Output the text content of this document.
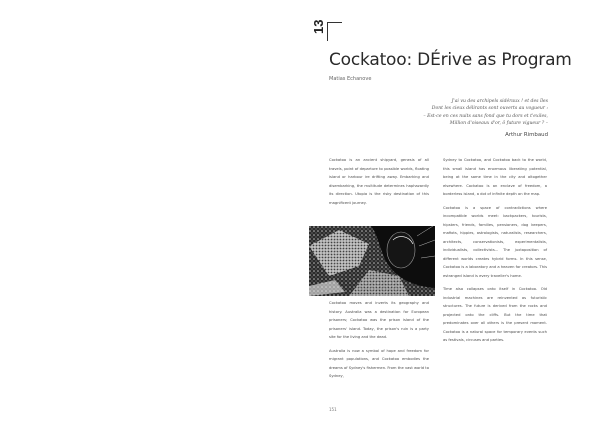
13
Cockatoo: DÉrive as Program
Matias Echanove
J'ai vu des archipels sidéraux ! et des îles
Dont les cieux délirants sont ouverts au vogueur :
– Est-ce en ces nuits sans fond que tu dors et t'exiles,
Million d'oiseaux d'or, ô future vigueur ? –
Arthur Rimbaud

Cockatoo is an ancient shipyard, genesis of all travels, point of departure to possible worlds, floating island or harbour ire drifting away. Embarking and disembarking, the multitude determines haphazardly its direction. Utopia is the risky destination of this magnificent journey.

Sydney to Cockatoo, and Cockatoo back to the world, this small island has enormous liberating potential, being at the same time in the city and altogether elsewhere. Cockatoo is an enclave of freedom, a borderless island, a dot of infinite depth on the map.

Cockatoo is a space of contradictions where incompatible worlds meet: backpackers, tourists, hipsters, friends, families, pensioners, dog keepers, mafiots, hippies, astrologists, naturalists, researchers, architects, conservationists, experimentalists, individualists, collectivists... The juxtaposition of different worlds creates hybrid forms. In this sense, Cockatoo is a laboratory and a heaven for creators. This estranged island is every traveller's home.

Time also collapses onto itself in Cockatoo. Old industrial machines are reinvented as futuristic structures. The future is derived from the rocks and projected onto the cliffs. But the time that predominates over all others is the present moment. Cockatoo is a natural space for temporary events such as festivals, circuses and parties.

Cockatoo moves and inverts its geography and history. Australia was a destination for European prisoners; Cockatoo was the prison island of the prisoners' island. Today, the prison's ruin is a party site for the living and the dead.

Australia is now a symbol of hope and freedom for migrant populations, and Cockatoo embodies the dreams of Sydney's fishermen. From the vast world to Sydney,

151
